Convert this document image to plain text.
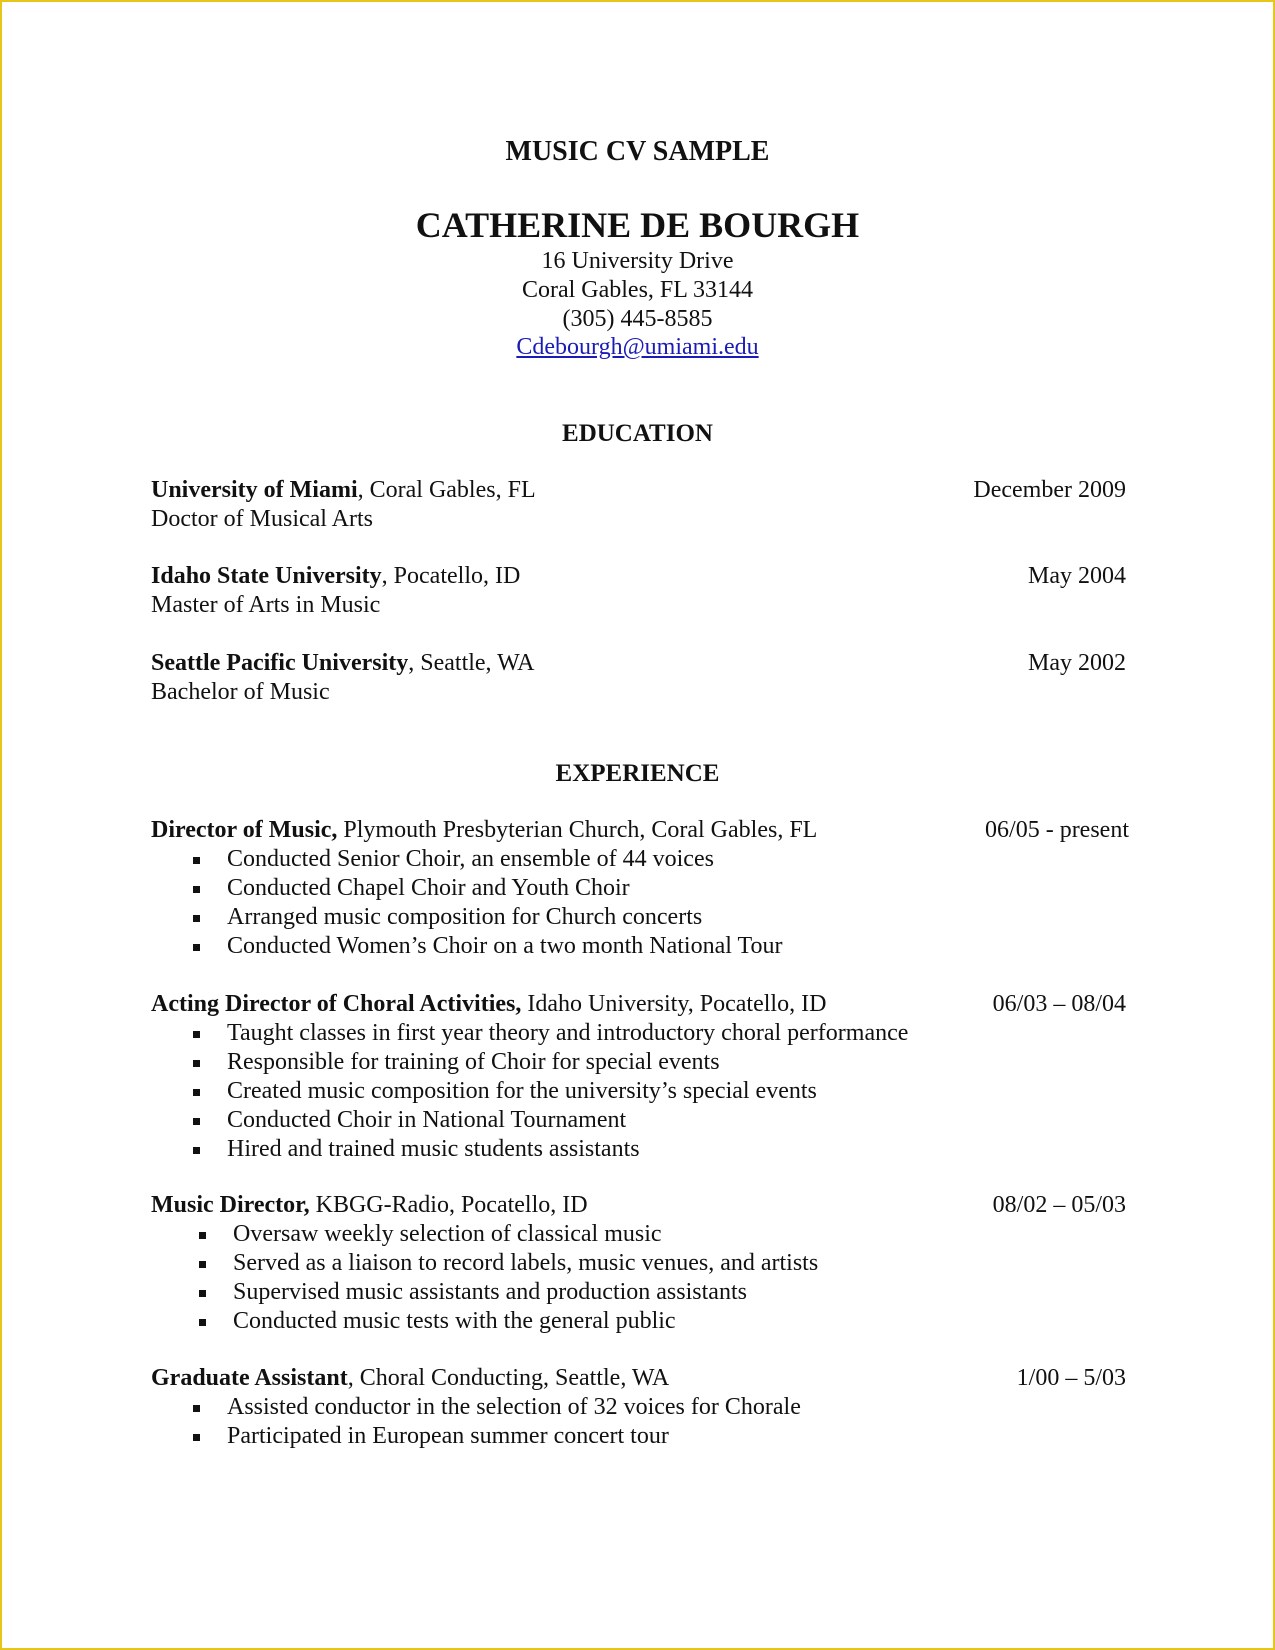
MUSIC CV SAMPLE
CATHERINE DE BOURGH
16 University Drive
Coral Gables, FL 33144
(305) 445-8585
Cdebourgh@umiami.edu
EDUCATION
University of Miami, Coral Gables, FL	December 2009
Doctor of Musical Arts
Idaho State University, Pocatello, ID	May 2004
Master of Arts in Music
Seattle Pacific University, Seattle, WA	May 2002
Bachelor of Music
EXPERIENCE
Director of Music, Plymouth Presbyterian Church, Coral Gables, FL	06/05 - present
Conducted Senior Choir, an ensemble of 44 voices
Conducted Chapel Choir and Youth Choir
Arranged music composition for Church concerts
Conducted Women’s Choir on a two month National Tour
Acting Director of Choral Activities, Idaho University, Pocatello, ID	06/03 – 08/04
Taught classes in first year theory and introductory choral performance
Responsible for training of Choir for special events
Created music composition for the university’s special events
Conducted Choir in National Tournament
Hired and trained music students assistants
Music Director, KBGG-Radio, Pocatello, ID	08/02 – 05/03
Oversaw weekly selection of classical music
Served as a liaison to record labels, music venues, and artists
Supervised music assistants and production assistants
Conducted music tests with the general public
Graduate Assistant, Choral Conducting, Seattle, WA	1/00 – 5/03
Assisted conductor in the selection of 32 voices for Chorale
Participated in European summer concert tour
